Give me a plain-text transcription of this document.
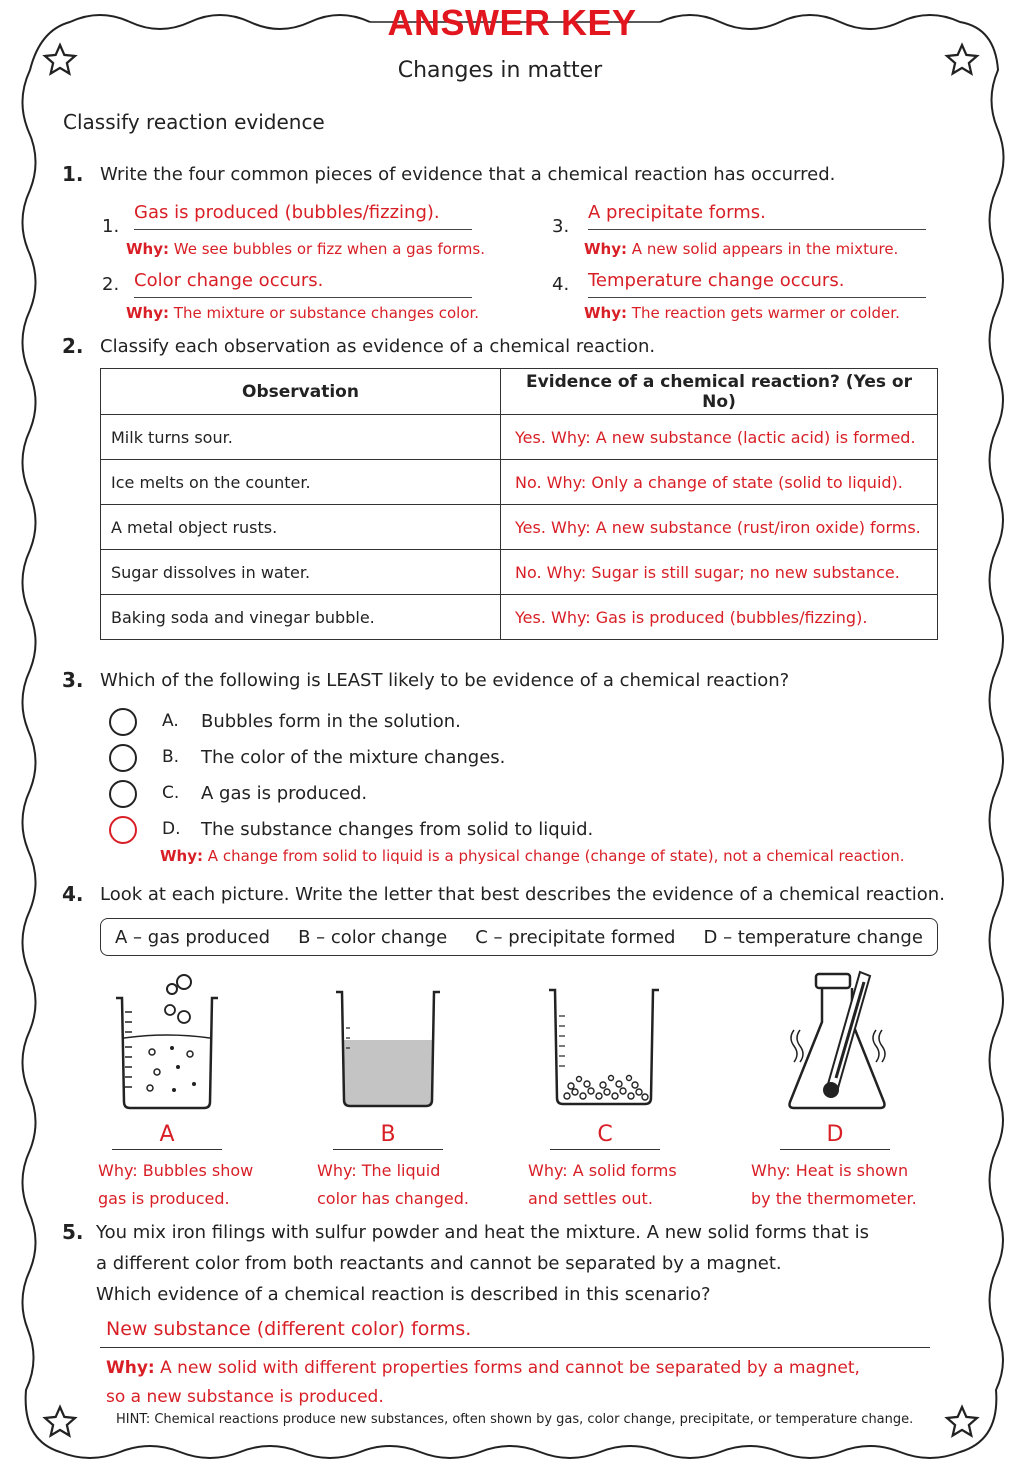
ANSWER KEY
Changes in matter
Classify reaction evidence
1. Write the four common pieces of evidence that a chemical reaction has occurred.
1.
Gas is produced (bubbles/fizzing).
Why: We see bubbles or fizz when a gas forms.
2. Color change occurs.
Why: The mixture or substance changes color.
3.
A precipitate forms.
Why: A new solid appears in the mixture.
4. Temperature change occurs.
Why: The reaction gets warmer or colder.
2. Classify each observation as evidence of a chemical reaction.
Observation	Evidence of a chemical reaction? (Yes or No)
Milk turns sour.	Yes. Why: A new substance (lactic acid) is formed.
Ice melts on the counter.	No. Why: Only a change of state (solid to liquid).
A metal object rusts.	Yes. Why: A new substance (rust/iron oxide) forms.
Sugar dissolves in water.	No. Why: Sugar is still sugar; no new substance.
Baking soda and vinegar bubble.	Yes. Why: Gas is produced (bubbles/fizzing).
3. Which of the following is LEAST likely to be evidence of a chemical reaction?
A. Bubbles form in the solution.
B. The color of the mixture changes.
C. A gas is produced.
D. The substance changes from solid to liquid.
Why: A change from solid to liquid is a physical change (change of state), not a chemical reaction.
4. Look at each picture. Write the letter that best describes the evidence of a chemical reaction.
A – gas produced B – color change C – precipitate formed D – temperature change
A	B	C	D
Why: Bubbles show
gas is produced.
Why: The liquid
color has changed.
Why: A solid forms
and settles out.
Why: Heat is shown
by the thermometer.
5. You mix iron filings with sulfur powder and heat the mixture. A new solid forms that is
a different color from both reactants and cannot be separated by a magnet.
Which evidence of a chemical reaction is described in this scenario?
New substance (different color) forms.
Why: A new solid with different properties forms and cannot be separated by a magnet,
so a new substance is produced.
HINT: Chemical reactions produce new substances, often shown by gas, color change, precipitate, or temperature change.
